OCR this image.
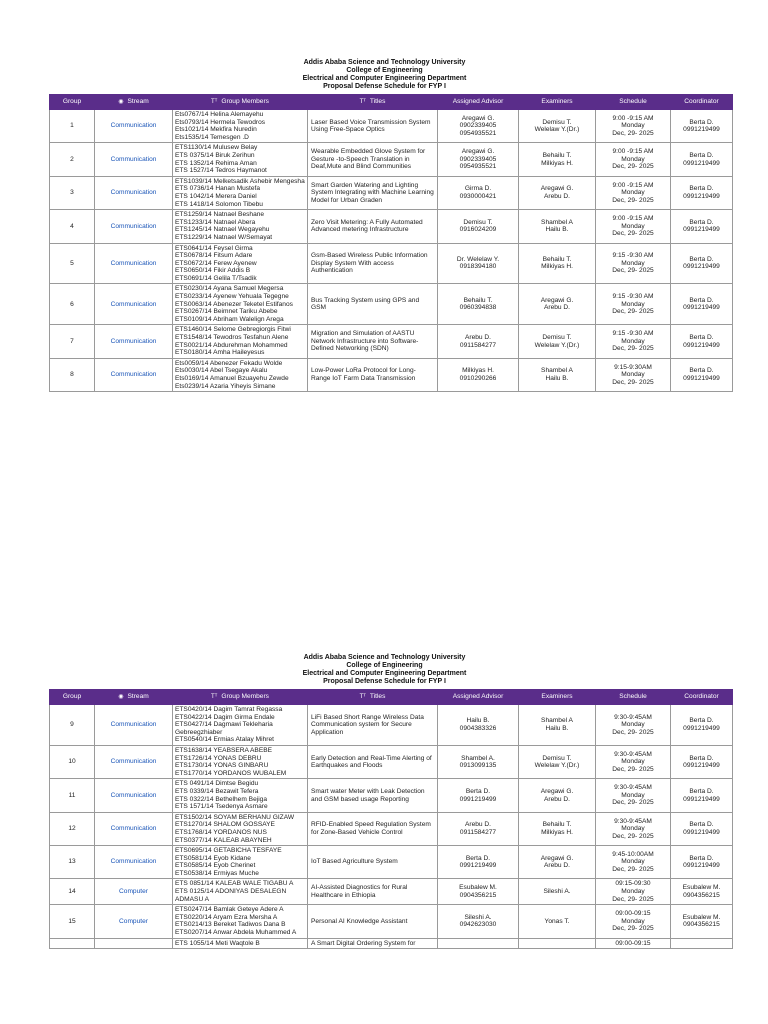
Addis Ababa Science and Technology University
College of Engineering
Electrical and Computer Engineering Department
Proposal Defense Schedule for FYP I
Group	◉ Stream	Tᵀ Group Members	Tᵀ Titles	Assigned Advisor	Examiners	Schedule	Coordinator
1	Communication	Ets0767/14 Helina Alemayehu
Ets0793/14 Hermela Tewodros
Ets1021/14 Mekfira Nuredin
Ets1535/14 Temesgen .D	Laser Based Voice Transmission System Using Free-Space Optics	Aregawi G.
0902339405
0954935521	Demisu T.
Welelaw Y.(Dr.)	9:00 -9:15 AM
Monday
Dec, 29- 2025	Berta D.
0991219499

2	Communication	ETS1130/14 Mulusew Belay
ETS 0375/14 Biruk Zerihun
ETS 1352/14 Rehima Aman
ETS 1527/14 Tedros Haymanot	Wearable Embedded Glove System for Gesture -to-Speech Translation in Deaf,Mute and Blind Communities	Aregawi G.
0902339405
0954935521	Behailu T.
Milkiyas H.	9:00 -9:15 AM
Monday
Dec, 29- 2025	Berta D.
0991219499

3	Communication	ETS1039/14 Melketsadik Ashebir Mengesha
ETS 0736/14 Hanan Mustefa
ETS 1042/14 Merera Daniel
ETS 1418/14 Solomon Tibebu	Smart Garden Watering and Lighting System Integrating with Machine Learning Model for Urban Graden	Girma D.
0930000421	Aregawi G.
Arebu D.	9:00 -9:15 AM
Monday
Dec, 29- 2025	Berta D.
0991219499

4	Communication	ETS1259/14 Natnael Beshane
ETS1233/14 Natnael Abera
ETS1245/14 Natnael Wegayehu
ETS1229/14 Natnael W/Semayat	Zero Visit Metering: A Fully Automated Advanced metering Infrastructure	Demisu T.
0916024209	Shambel A
Hailu B.	9:00 -9:15 AM
Monday
Dec, 29- 2025	Berta D.
0991219499

5	Communication	ETS0641/14 Feysel Girma
ETS0678/14 Fitsum Adare
ETS0672/14 Ferew Ayenew
ETS0650/14 Fikir Addis B
ETS0691/14 Gelila T/Tsadik	Gsm-Based Wireless Public Information Display System With access Authentication	Dr. Welelaw Y.
0918394180	Behailu T.
Milkiyas H.	9:15 -9:30 AM
Monday
Dec, 29- 2025	Berta D.
0991219499

6	Communication	ETS0230/14 Ayana Samuel Megersa
ETS0233/14 Ayenew Yehuala Tegegne
ETS0063/14 Abenezer Teketel Estifanos
ETS0267/14 Beimnet Tariku Abebe
ETS0109/14 Abriham Walelign Arega	Bus Tracking System using GPS and GSM	Behailu T.
0960394838	Aregawi G.
Arebu D.	9:15 -9:30 AM
Monday
Dec, 29- 2025	Berta D.
0991219499

7	Communication	ETS1460/14 Selome Gebregiorgis Fitwi
ETS1548/14 Tewodros Tesfahun Alene
ETS0021/14 Abdurehman Mohammed
ETS0180/14 Amha Haileyesus	Migration and Simulation of AASTU Network Infrastructure into Software-Defined Networking (SDN)	Arebu D.
0911584277	Demisu T.
Welelaw Y.(Dr.)	9:15 -9:30 AM
Monday
Dec, 29- 2025	Berta D.
0991219499

8	Communication	Ets0059/14 Abenezer Fekadu Wolde
Ets0030/14 Abel Tsegaye Akalu
Ets0169/14 Amanuel Bzuayehu Zewde
Ets0239/14 Azaria Yiheyis Simane	Low-Power LoRa Protocol for Long-Range IoT Farm Data Transmission	Milkiyas H.
0910290266	Shambel A
Hailu B.	9:15-9:30AM
Monday
Dec, 29- 2025	Berta D.
0991219499
Addis Ababa Science and Technology University
College of Engineering
Electrical and Computer Engineering Department
Proposal Defense Schedule for FYP I
Group	◉ Stream	Tᵀ Group Members	Tᵀ Titles	Assigned Advisor	Examiners	Schedule	Coordinator
9	Communication	ETS0420/14 Dagim Tamrat Regassa
ETS0422/14 Dagim Girma Endale
ETS0427/14 Dagmawi Tekleharia Gebreegzhiaber
ETS0540/14 Ermias Atalay Mihret	LiFi Based Short Range Wireless Data Communication system for Secure Application	Hailu B.
0904383326	Shambel A
Hailu B.	9:30-9:45AM
Monday
Dec, 29- 2025	Berta D.
0991219499

10	Communication	ETS1638/14 YEABSERA ABEBE
ETS1726/14 YONAS DEBRU
ETS1730/14 YONAS GINBARU
ETS1770/14 YORDANOS WUBALEM	Early Detection and Real-Time Alerting of Earthquakes and Floods	Shambel A.
0913099135	Demisu T.
Welelaw Y.(Dr.)	9:30-9:45AM
Monday
Dec, 29- 2025	Berta D.
0991219499

11	Communication	ETS 0491/14 Dimtse Begidu
ETS 0339/14 Bezawit Tefera
ETS 0322/14 Bethelhem Bejiga
ETS 1571/14 Tsedenya Asmare	Smart water Meter with Leak Detection and GSM based usage Reporting	Berta D.
0991219499	Aregawi G.
Arebu D.	9:30-9:45AM
Monday
Dec, 29- 2025	Berta D.
0991219499

12	Communication	ETS1502/14 SOYAM BERHANU GIZAW
ETS1270/14 SHALOM GOSSAYE
ETS1768/14 YORDANOS NUS
ETS0377/14 KALEAB ABAYNEH	RFID-Enabled Speed Regulation System for Zone-Based Vehicle Control	Arebu D.
0911584277	Behailu T.
Milkiyas H.	9:30-9:45AM
Monday
Dec, 29- 2025	Berta D.
0991219499

13	Communication	ETS0695/14 GETABICHA TESFAYE
ETS0581/14 Eyob Kidane
ETS0585/14 Eyob Cherinet
ETS0538/14 Ermiyas Muche	IoT Based Agriculture System	Berta D.
0991219499	Aregawi G.
Arebu D.	9:45-10:00AM
Monday
Dec, 29- 2025	Berta D.
0991219499

14	Computer	ETS 0851/14 KALEAB WALE TIGABU A
ETS 0125/14 ADONIYAS DESALEGN ADMASU A	AI-Assisted Diagnostics for Rural Healthcare in Ethiopia	Esubalew M.
0904356215	Sileshi A.	09:15-09:30
Monday
Dec, 29- 2025	Esubalew M.
0904356215

15	Computer	ETS0247/14 Bamlak Geteye Adere A
ETS0220/14 Aryam Ezra Mersha A
ETS0214/13 Bereket Tadiwos Dana B
ETS0207/14 Anwar Abdela Muhammed A	Personal AI Knowledge Assistant	Sileshi A.
0942623030	Yonas T.	09:00-09:15
Monday
Dec, 29- 2025	Esubalew M.
0904356215

		ETS 1055/14 Meti Waqtole B	A Smart Digital Ordering System for			09:00-09:15	
